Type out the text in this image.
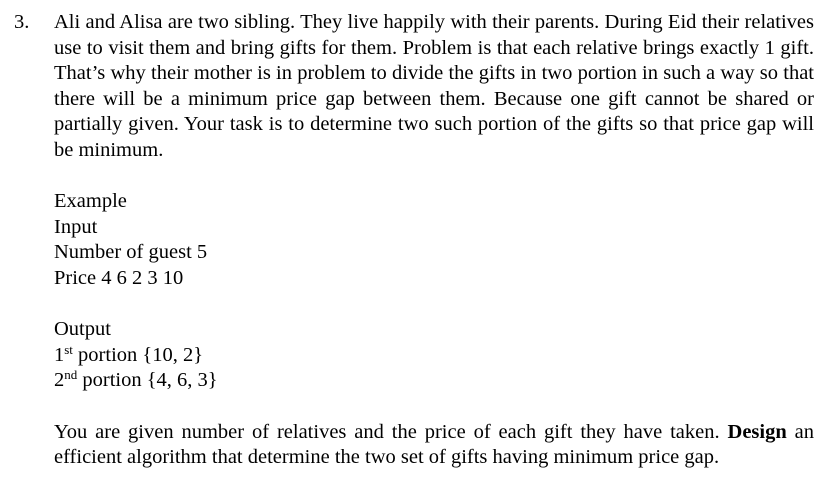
3. Ali and Alisa are two sibling. They live happily with their parents. During Eid their relatives use to visit them and bring gifts for them. Problem is that each relative brings exactly 1 gift. That’s why their mother is in problem to divide the gifts in two portion in such a way so that there will be a minimum price gap between them. Because one gift cannot be shared or partially given. Your task is to determine two such portion of the gifts so that price gap will be minimum.

Example
Input
Number of guest 5
Price 4 6 2 3 10
Output
1st portion {10, 2}
2nd portion {4, 6, 3}

You are given number of relatives and the price of each gift they have taken. Design an efficient algorithm that determine the two set of gifts having minimum price gap.
